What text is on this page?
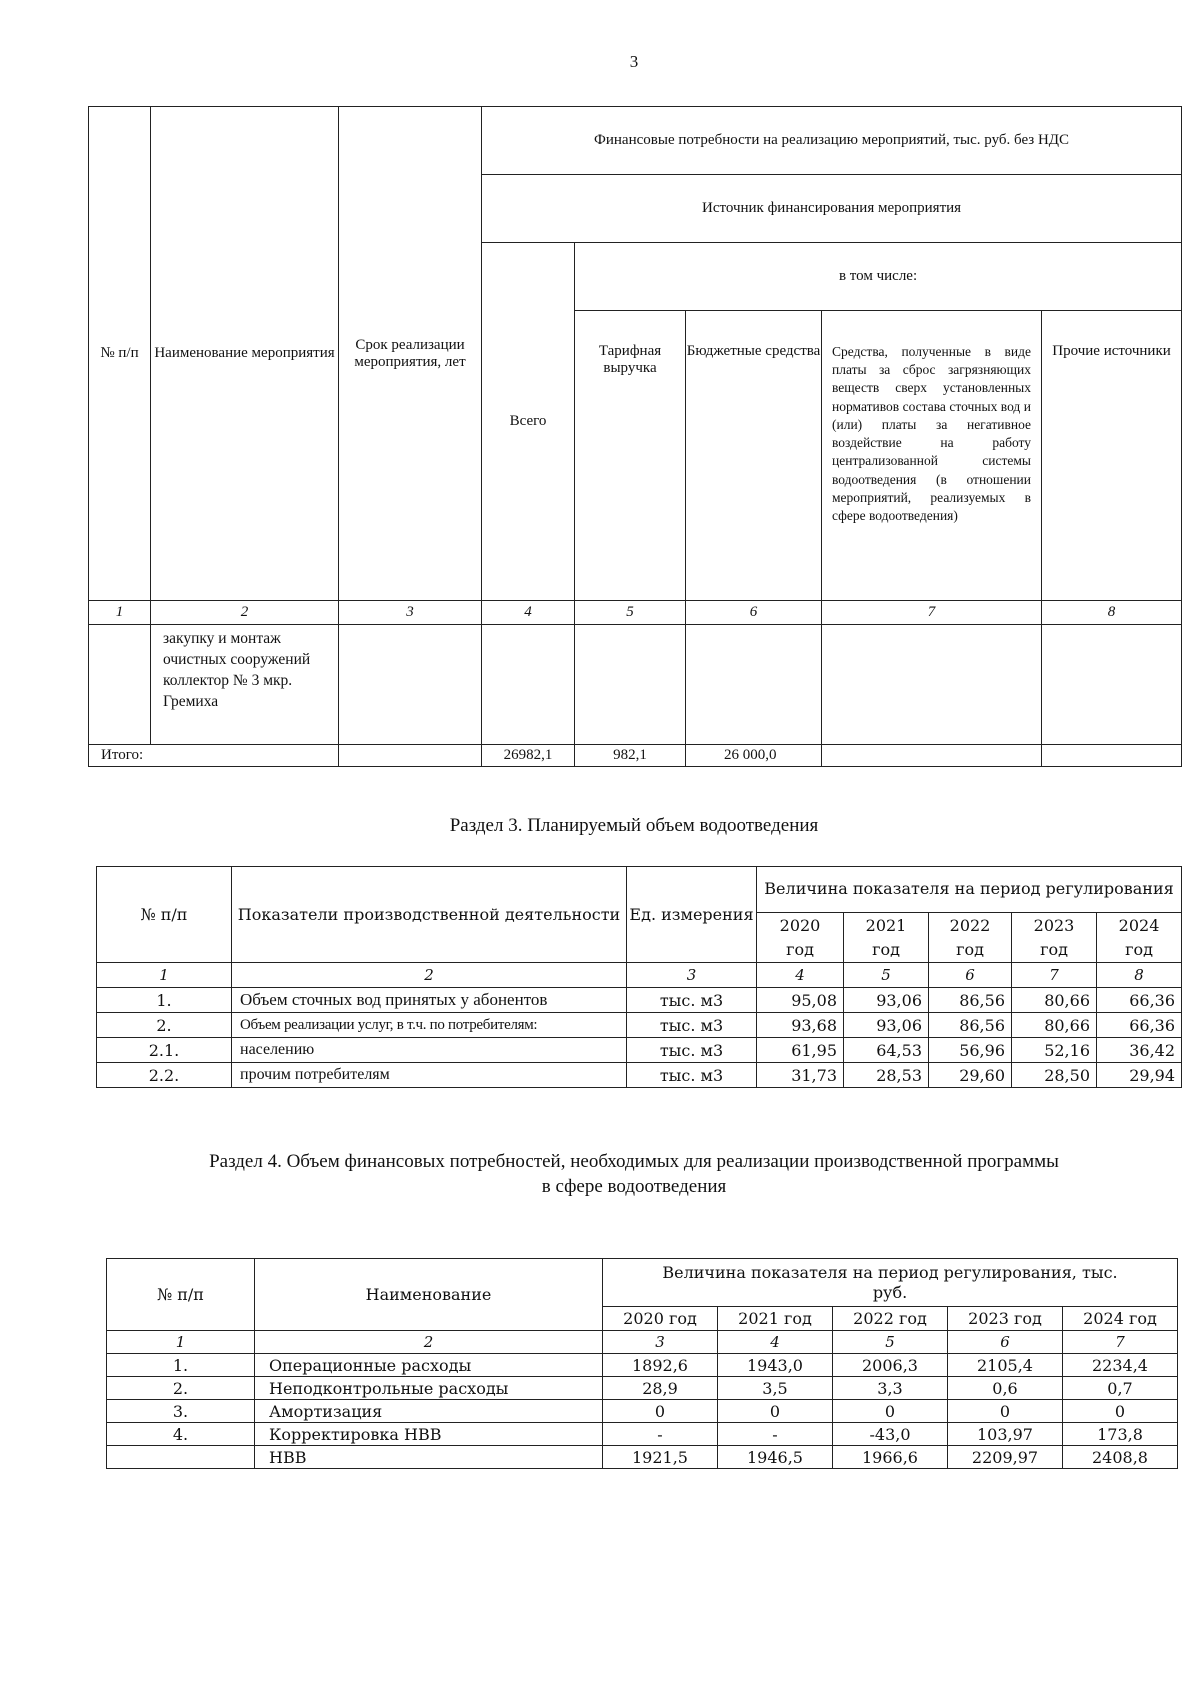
3
№ п/п	Наименование мероприятия	Срок реализации мероприятия, лет	Финансовые потребности на реализацию мероприятий, тыс. руб. без НДС				
			Источник финансирования мероприятия				
			Всего	в том числе:			
				Тарифная выручка	Бюджетные средства	Средства, полученные в виде платы за сброс загрязняющих веществ сверх установленных нормативов состава сточных вод и (или) платы за негативное воздействие на работу централизованной системы водоотведения (в отношении мероприятий, реализуемых в сфере водоотведения)	Прочие источники

1	2	3	4	5	6	7	8
	закупку и монтаж очистных сооружений коллектор № 3 мкр. Гремиха						
Итого:			26982,1	982,1	26 000,0		
Раздел 3. Планируемый объем водоотведения
№ п/п	Показатели производственной деятельности	Ед. измерения	Величина показателя на период регулирования				
			2020 год	2021 год	2022 год	2023 год	2024 год
1	2	3	4	5	6	7	8
1.	Объем сточных вод принятых у абонентов	тыс. м3	95,08	93,06	86,56	80,66	66,36
2.	Объем реализации услуг, в т.ч. по потребителям:	тыс. м3	93,68	93,06	86,56	80,66	66,36
2.1.	населению	тыс. м3	61,95	64,53	56,96	52,16	36,42
2.2.	прочим потребителям	тыс. м3	31,73	28,53	29,60	28,50	29,94
Раздел 4. Объем финансовых потребностей, необходимых для реализации производственной программы
в сфере водоотведения
№ п/п	Наименование	Величина показателя на период регулирования, тыс. руб.				
		2020 год	2021 год	2022 год	2023 год	2024 год
1	2	3	4	5	6	7
1.	Операционные расходы	1892,6	1943,0	2006,3	2105,4	2234,4
2.	Неподконтрольные расходы	28,9	3,5	3,3	0,6	0,7
3.	Амортизация	0	0	0	0	0
4.	Корректировка НВВ	-	-	-43,0	103,97	173,8
	НВВ	1921,5	1946,5	1966,6	2209,97	2408,8
